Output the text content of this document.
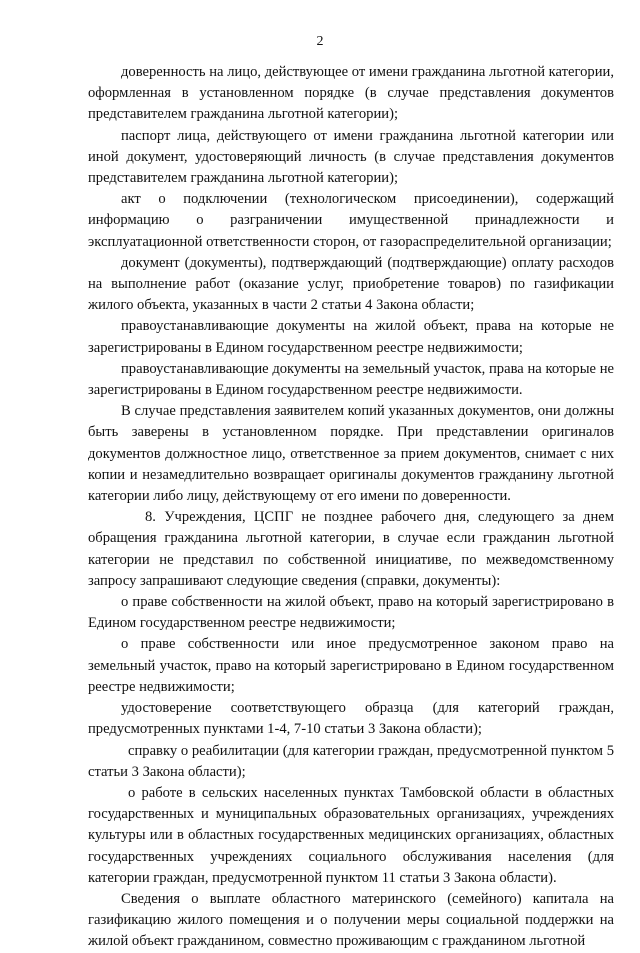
2

доверенность на лицо, действующее от имени гражданина льготной категории, оформленная в установленном порядке (в случае представления документов представителем гражданина льготной категории);

паспорт лица, действующего от имени гражданина льготной категории или иной документ, удостоверяющий личность (в случае представления документов представителем гражданина льготной категории);

акт о подключении (технологическом присоединении), содержащий информацию о разграничении имущественной принадлежности и эксплуатационной ответственности сторон, от газораспределительной организации;

документ (документы), подтверждающий (подтверждающие) оплату расходов на выполнение работ (оказание услуг, приобретение товаров) по газификации жилого объекта, указанных в части 2 статьи 4 Закона области;

правоустанавливающие документы на жилой объект, права на которые не зарегистрированы в Едином государственном реестре недвижимости;

правоустанавливающие документы на земельный участок, права на которые не зарегистрированы в Едином государственном реестре недвижимости.

В случае представления заявителем копий указанных документов, они должны быть заверены в установленном порядке. При представлении оригиналов документов должностное лицо, ответственное за прием документов, снимает с них копии и незамедлительно возвращает оригиналы документов гражданину льготной категории либо лицу, действующему от его имени по доверенности.

8. Учреждения, ЦСПГ не позднее рабочего дня, следующего за днем обращения гражданина льготной категории, в случае если гражданин льготной категории не представил по собственной инициативе, по межведомственному запросу запрашивают следующие сведения (справки, документы):

о праве собственности на жилой объект, право на который зарегистрировано в Едином государственном реестре недвижимости;

о праве собственности или иное предусмотренное законом право на земельный участок, право на который зарегистрировано в Едином государственном реестре недвижимости;

удостоверение соответствующего образца (для категорий граждан, предусмотренных пунктами 1-4, 7-10 статьи 3 Закона области);

справку о реабилитации (для категории граждан, предусмотренной пунктом 5 статьи 3 Закона области);

о работе в сельских населенных пунктах Тамбовской области в областных государственных и муниципальных образовательных организациях, учреждениях культуры или в областных государственных медицинских организациях, областных государственных учреждениях социального обслуживания населения (для категории граждан, предусмотренной пунктом 11 статьи 3 Закона области).

Сведения о выплате областного материнского (семейного) капитала на газификацию жилого помещения и о получении меры социальной поддержки на жилой объект гражданином, совместно проживающим с гражданином льготной
